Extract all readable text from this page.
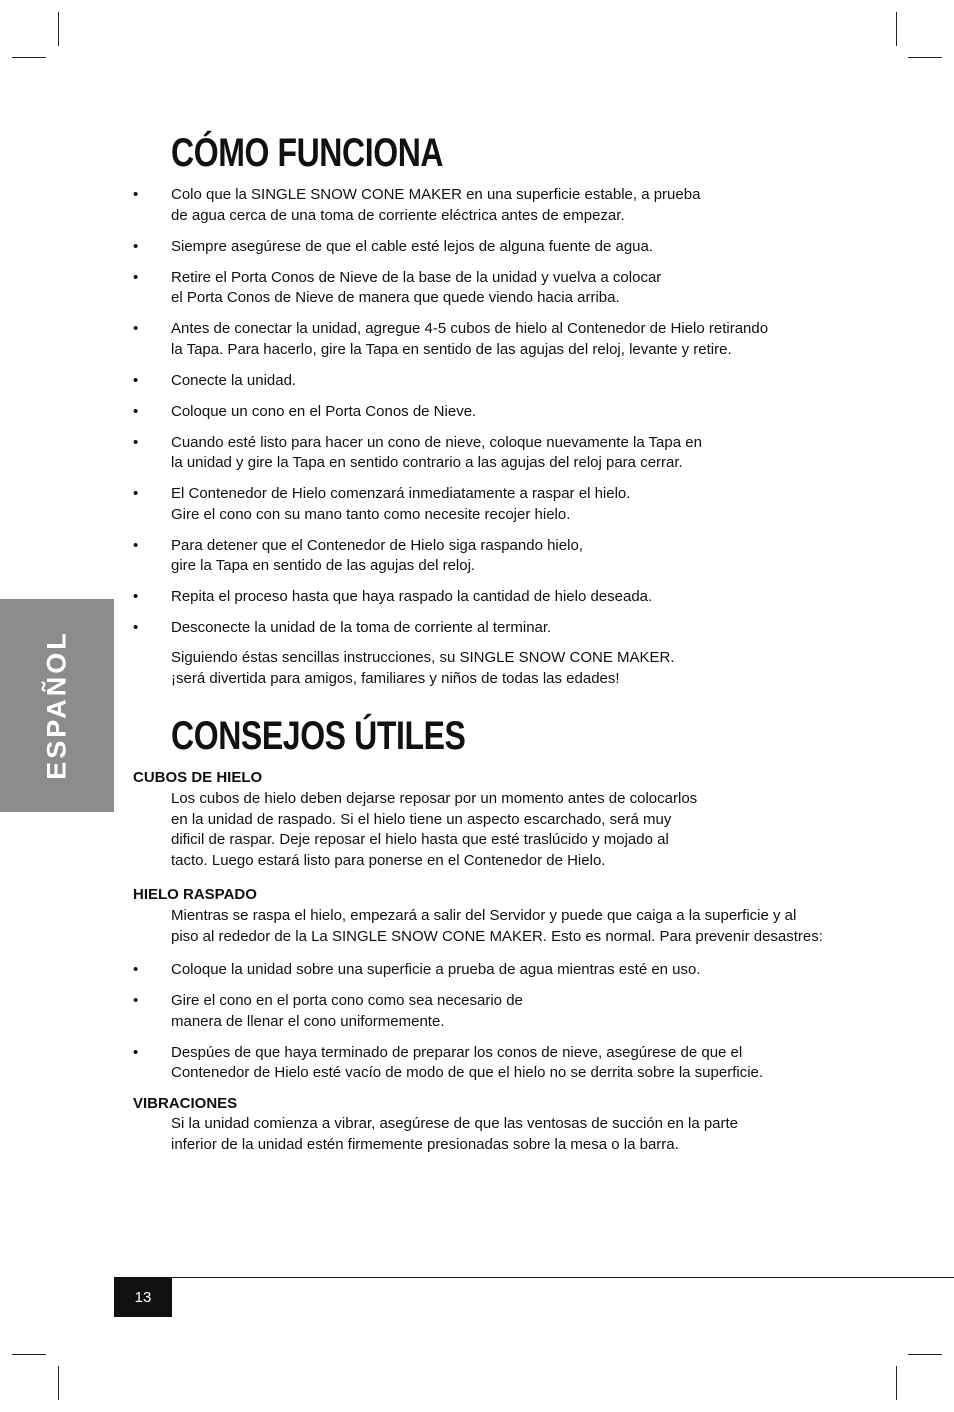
ESPAÑOL
CÓMO FUNCIONA
• Colo que la SINGLE SNOW CONE MAKER en una superficie estable, a prueba
de agua cerca de una toma de corriente eléctrica antes de empezar.
• Siempre asegúrese de que el cable esté lejos de alguna fuente de agua.
• Retire el Porta Conos de Nieve de la base de la unidad y vuelva a colocar
el Porta Conos de Nieve de manera que quede viendo hacia arriba.
• Antes de conectar la unidad, agregue 4-5 cubos de hielo al Contenedor de Hielo retirando
la Tapa. Para hacerlo, gire la Tapa en sentido de las agujas del reloj, levante y retire.
• Conecte la unidad.
• Coloque un cono en el Porta Conos de Nieve.
• Cuando esté listo para hacer un cono de nieve, coloque nuevamente la Tapa en
la unidad y gire la Tapa en sentido contrario a las agujas del reloj para cerrar.
• El Contenedor de Hielo comenzará inmediatamente a raspar el hielo.
Gire el cono con su mano tanto como necesite recojer hielo.
• Para detener que el Contenedor de Hielo siga raspando hielo,
gire la Tapa en sentido de las agujas del reloj.
• Repita el proceso hasta que haya raspado la cantidad de hielo deseada.
• Desconecte la unidad de la toma de corriente al terminar.

Siguiendo éstas sencillas instrucciones, su SINGLE SNOW CONE MAKER.
¡será divertida para amigos, familiares y niños de todas las edades!

CONSEJOS ÚTILES
CUBOS DE HIELO

Los cubos de hielo deben dejarse reposar por un momento antes de colocarlos
en la unidad de raspado. Si el hielo tiene un aspecto escarchado, será muy
dificil de raspar. Deje reposar el hielo hasta que esté traslúcido y mojado al
tacto. Luego estará listo para ponerse en el Contenedor de Hielo.

HIELO RASPADO

Mientras se raspa el hielo, empezará a salir del Servidor y puede que caiga a la superficie y al
piso al rededor de la La SINGLE SNOW CONE MAKER. Esto es normal. Para prevenir desastres:

• Coloque la unidad sobre una superficie a prueba de agua mientras esté en uso.
• Gire el cono en el porta cono como sea necesario de
manera de llenar el cono uniformemente.
• Despúes de que haya terminado de preparar los conos de nieve, asegúrese de que el
Contenedor de Hielo esté vacío de modo de que el hielo no se derrita sobre la superficie.
VIBRACIONES

Si la unidad comienza a vibrar, asegúrese de que las ventosas de succión en la parte
inferior de la unidad estén firmemente presionadas sobre la mesa o la barra.

13
